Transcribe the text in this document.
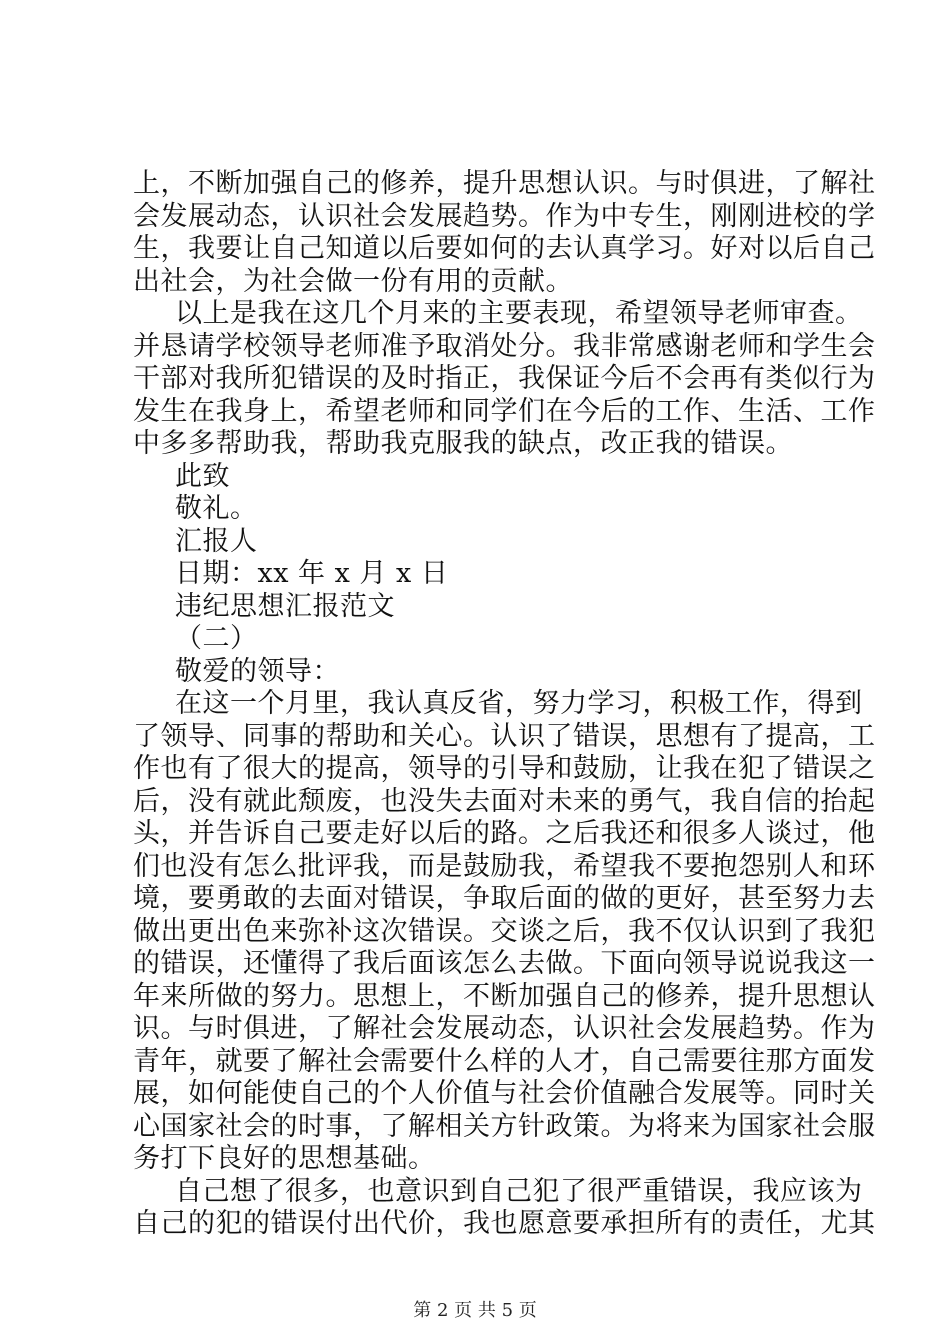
上，不断加强自己的修养，提升思想认识。与时俱进，了解社
会发展动态，认识社会发展趋势。作为中专生，刚刚进校的学
生，我要让自己知道以后要如何的去认真学习。好对以后自己
出社会，为社会做一份有用的贡献。
以上是我在这几个月来的主要表现，希望领导老师审查。
并恳请学校领导老师准予取消处分。我非常感谢老师和学生会
干部对我所犯错误的及时指正，我保证今后不会再有类似行为
发生在我身上，希望老师和同学们在今后的工作、生活、工作
中多多帮助我，帮助我克服我的缺点，改正我的错误。
此致
敬礼。
汇报人
日期：xx 年 x 月 x 日
违纪思想汇报范文
（二）
敬爱的领导：
在这一个月里，我认真反省，努力学习，积极工作，得到
了领导、同事的帮助和关心。认识了错误，思想有了提高，工
作也有了很大的提高，领导的引导和鼓励，让我在犯了错误之
后，没有就此颓废，也没失去面对未来的勇气，我自信的抬起
头，并告诉自己要走好以后的路。之后我还和很多人谈过，他
们也没有怎么批评我，而是鼓励我，希望我不要抱怨别人和环
境，要勇敢的去面对错误，争取后面的做的更好，甚至努力去
做出更出色来弥补这次错误。交谈之后，我不仅认识到了我犯
的错误，还懂得了我后面该怎么去做。下面向领导说说我这一
年来所做的努力。思想上，不断加强自己的修养，提升思想认
识。与时俱进，了解社会发展动态，认识社会发展趋势。作为
青年，就要了解社会需要什么样的人才，自己需要往那方面发
展，如何能使自己的个人价值与社会价值融合发展等。同时关
心国家社会的时事，了解相关方针政策。为将来为国家社会服
务打下良好的思想基础。
自己想了很多，也意识到自己犯了很严重错误，我应该为
自己的犯的错误付出代价，我也愿意要承担所有的责任，尤其
第 2 页 共 5 页
